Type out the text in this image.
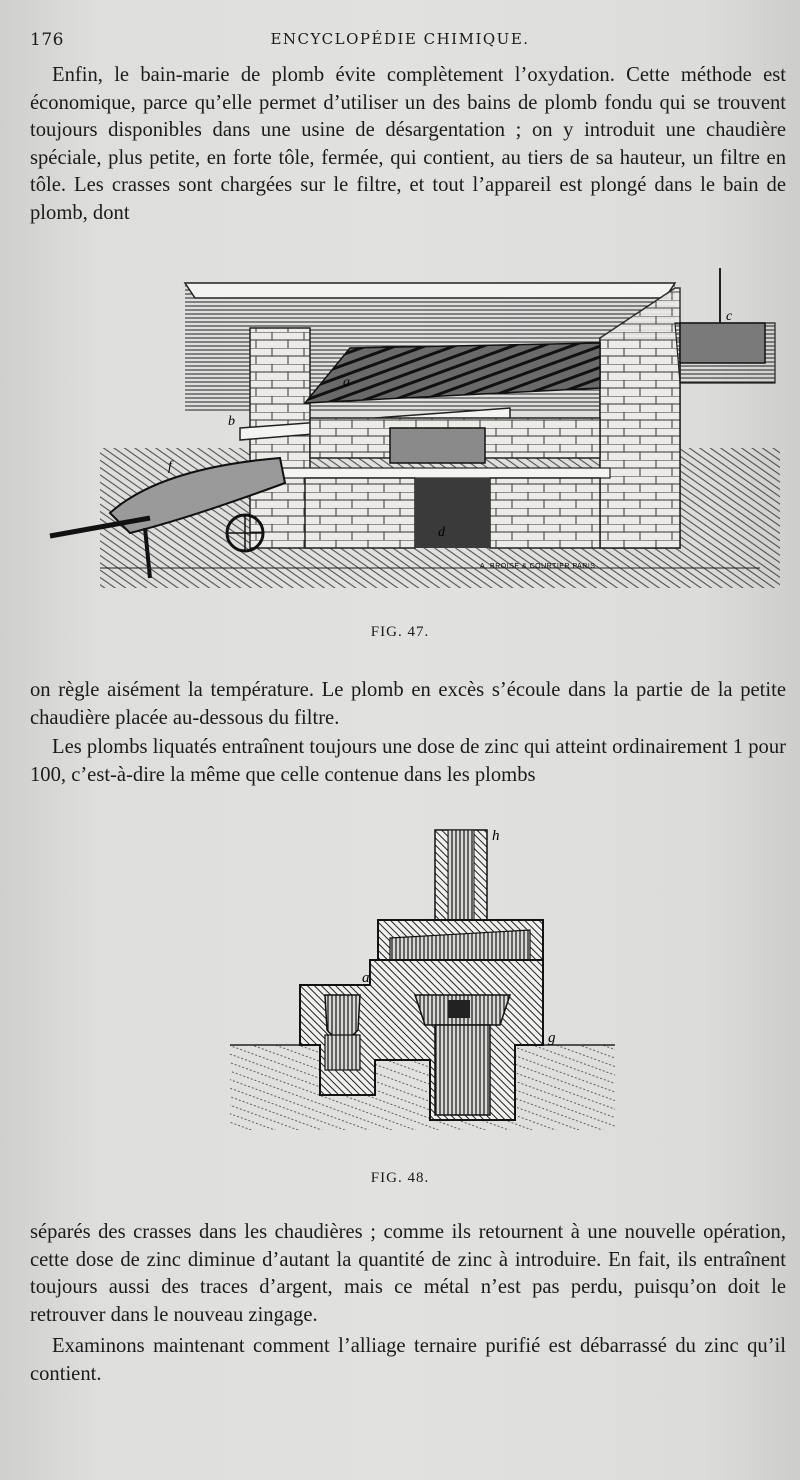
176	ENCYCLOPÉDIE CHIMIQUE.

Enfin, le bain-marie de plomb évite complètement l’oxydation. Cette méthode est économique, parce qu’elle permet d’utiliser un des bains de plomb fondu qui se trouvent toujours disponibles dans une usine de désargentation ; on y introduit une chaudière spéciale, plus petite, en forte tôle, fermée, qui contient, au tiers de sa hauteur, un filtre en tôle. Les crasses sont chargées sur le filtre, et tout l’appareil est plongé dans le bain de plomb, dont

a
b
c
d
f
A. BROISE & COURTIER PARIS
FIG. 47.

on règle aisément la température. Le plomb en excès s’écoule dans la partie de la petite chaudière placée au-dessous du filtre.

Les plombs liquatés entraînent toujours une dose de zinc qui atteint ordinairement 1 pour 100, c’est-à-dire la même que celle contenue dans les plombs

h
a
g
FIG. 48.

séparés des crasses dans les chaudières ; comme ils retournent à une nouvelle opération, cette dose de zinc diminue d’autant la quantité de zinc à introduire. En fait, ils entraînent toujours aussi des traces d’argent, mais ce métal n’est pas perdu, puisqu’on doit le retrouver dans le nouveau zingage.

Examinons maintenant comment l’alliage ternaire purifié est débarrassé du zinc qu’il contient.
